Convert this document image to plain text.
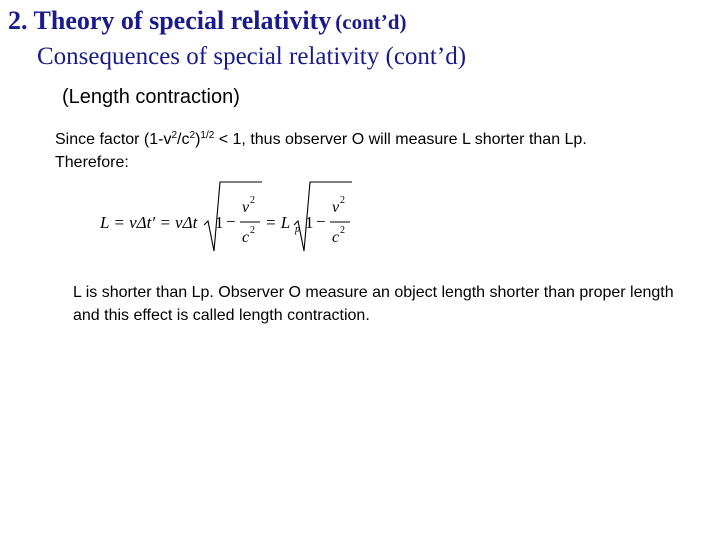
2. Theory of special relativity (cont’d)
Consequences of special relativity (cont’d)
(Length contraction)
Since factor $(1-v^2/c^2)^{1/2} < 1$, thus observer O will measure L shorter than Lp.
Therefore:
L = vΔt′ = vΔt 1 −
v 2
c 2 = L p 1 −
v 2
c 2
L is shorter than Lp. Observer O measure an object length shorter than proper length and this effect is called length contraction.
